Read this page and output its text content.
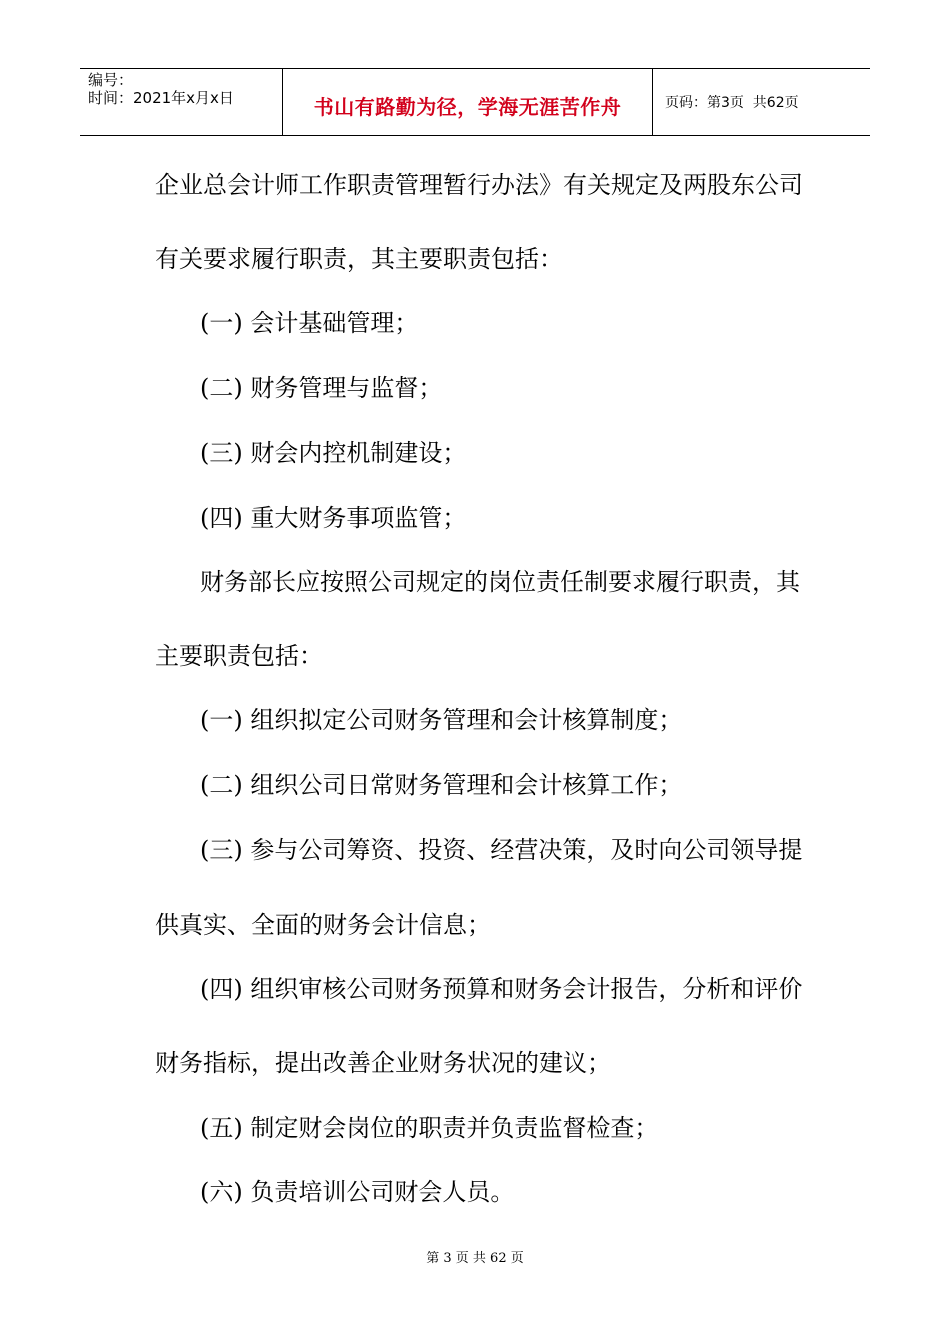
编号：
时间：2021年x月x日	书山有路勤为径，学海无涯苦作舟	页码：第3页  共62页

企业总会计师工作职责管理暂行办法》有关规定及两股东公司

有关要求履行职责，其主要职责包括：

(一) 会计基础管理；

(二) 财务管理与监督；

(三) 财会内控机制建设；

(四) 重大财务事项监管；

财务部长应按照公司规定的岗位责任制要求履行职责，其

主要职责包括：

(一) 组织拟定公司财务管理和会计核算制度；

(二) 组织公司日常财务管理和会计核算工作；

(三) 参与公司筹资、投资、经营决策，及时向公司领导提

供真实、全面的财务会计信息；

(四) 组织审核公司财务预算和财务会计报告，分析和评价

财务指标，提出改善企业财务状况的建议；

(五) 制定财会岗位的职责并负责监督检查；

(六) 负责培训公司财会人员。

第 3 页 共 62 页
